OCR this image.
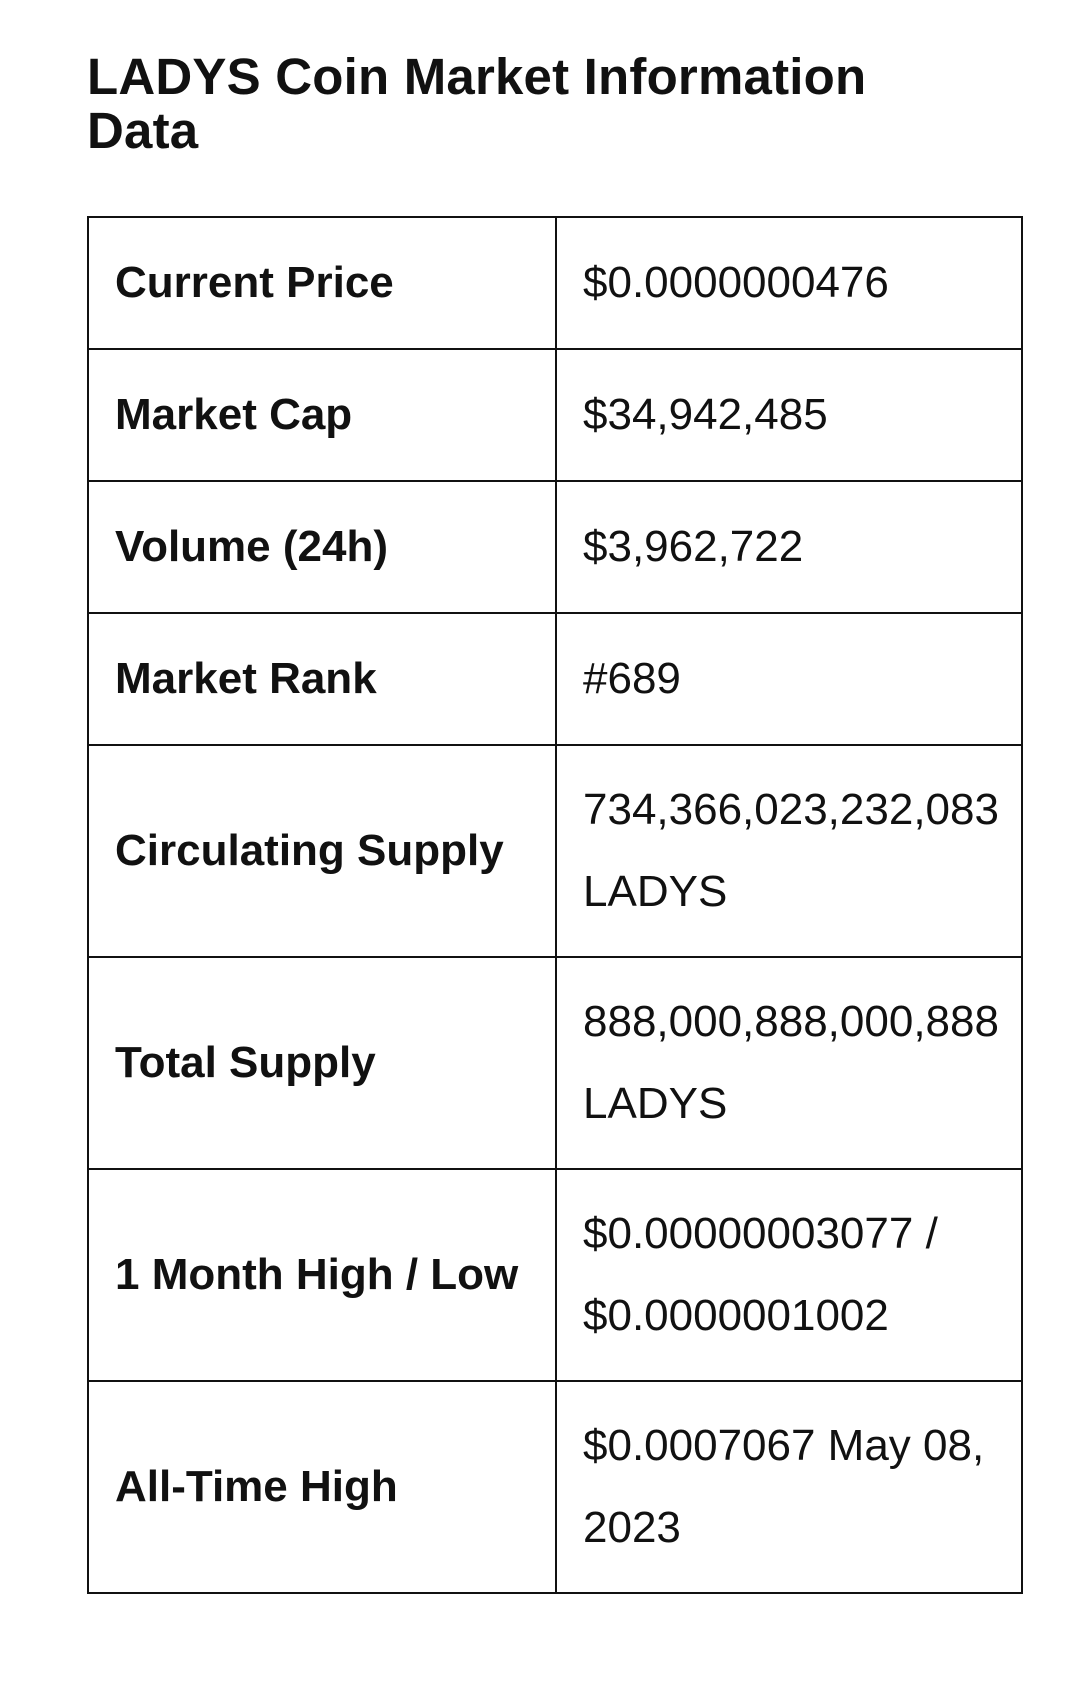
LADYS Coin Market Information Data
Current Price	$0.0000000476
Market Cap	$34,942,485
Volume (24h)	$3,962,722
Market Rank	#689
Circulating Supply	734,366,023,232,083 LADYS
Total Supply	888,000,888,000,888 LADYS
1 Month High / Low	$0.00000003077 / $0.0000001002
All-Time High	$0.0007067 May 08, 2023
